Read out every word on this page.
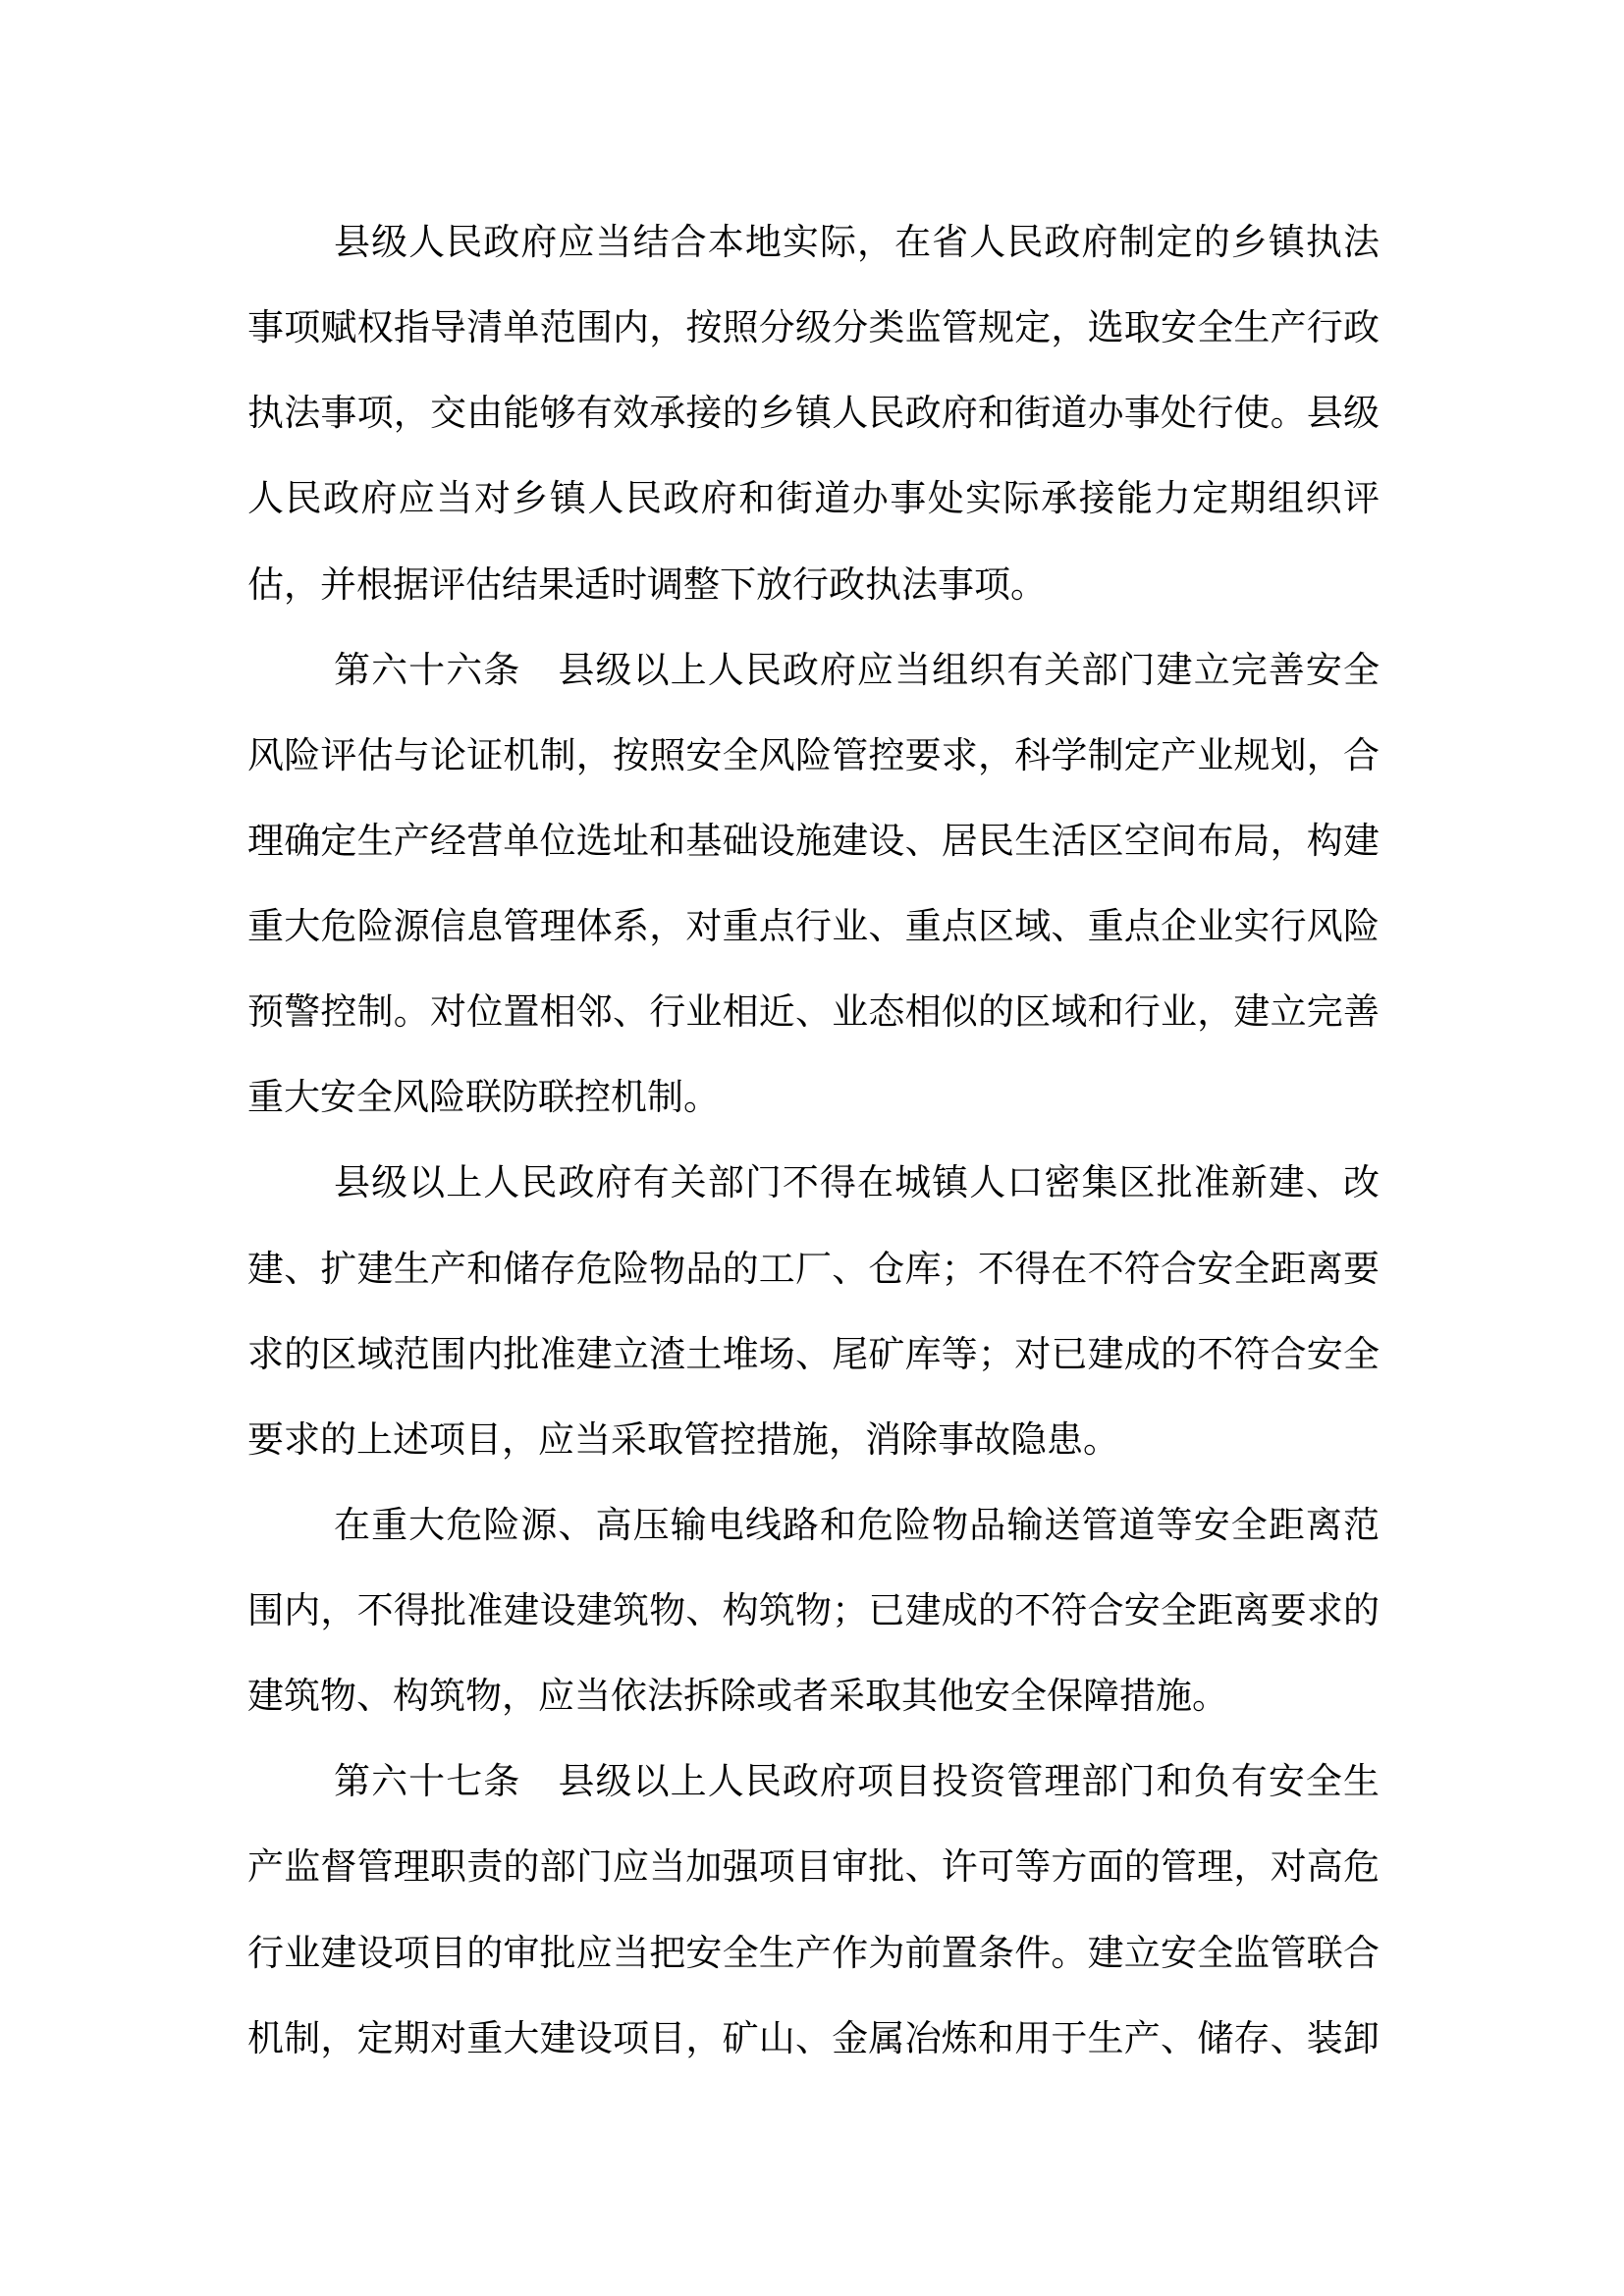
县级人民政府应当结合本地实际，在省人民政府制定的乡镇执法

事项赋权指导清单范围内，按照分级分类监管规定，选取安全生产行政

执法事项，交由能够有效承接的乡镇人民政府和街道办事处行使。县级

人民政府应当对乡镇人民政府和街道办事处实际承接能力定期组织评

估，并根据评估结果适时调整下放行政执法事项。

第六十六条　县级以上人民政府应当组织有关部门建立完善安全

风险评估与论证机制，按照安全风险管控要求，科学制定产业规划，合

理确定生产经营单位选址和基础设施建设、居民生活区空间布局，构建

重大危险源信息管理体系，对重点行业、重点区域、重点企业实行风险

预警控制。对位置相邻、行业相近、业态相似的区域和行业，建立完善

重大安全风险联防联控机制。

县级以上人民政府有关部门不得在城镇人口密集区批准新建、改

建、扩建生产和储存危险物品的工厂、仓库；不得在不符合安全距离要

求的区域范围内批准建立渣土堆场、尾矿库等；对已建成的不符合安全

要求的上述项目，应当采取管控措施，消除事故隐患。

在重大危险源、高压输电线路和危险物品输送管道等安全距离范

围内，不得批准建设建筑物、构筑物；已建成的不符合安全距离要求的

建筑物、构筑物，应当依法拆除或者采取其他安全保障措施。

第六十七条　县级以上人民政府项目投资管理部门和负有安全生

产监督管理职责的部门应当加强项目审批、许可等方面的管理，对高危

行业建设项目的审批应当把安全生产作为前置条件。建立安全监管联合

机制，定期对重大建设项目，矿山、金属冶炼和用于生产、储存、装卸
